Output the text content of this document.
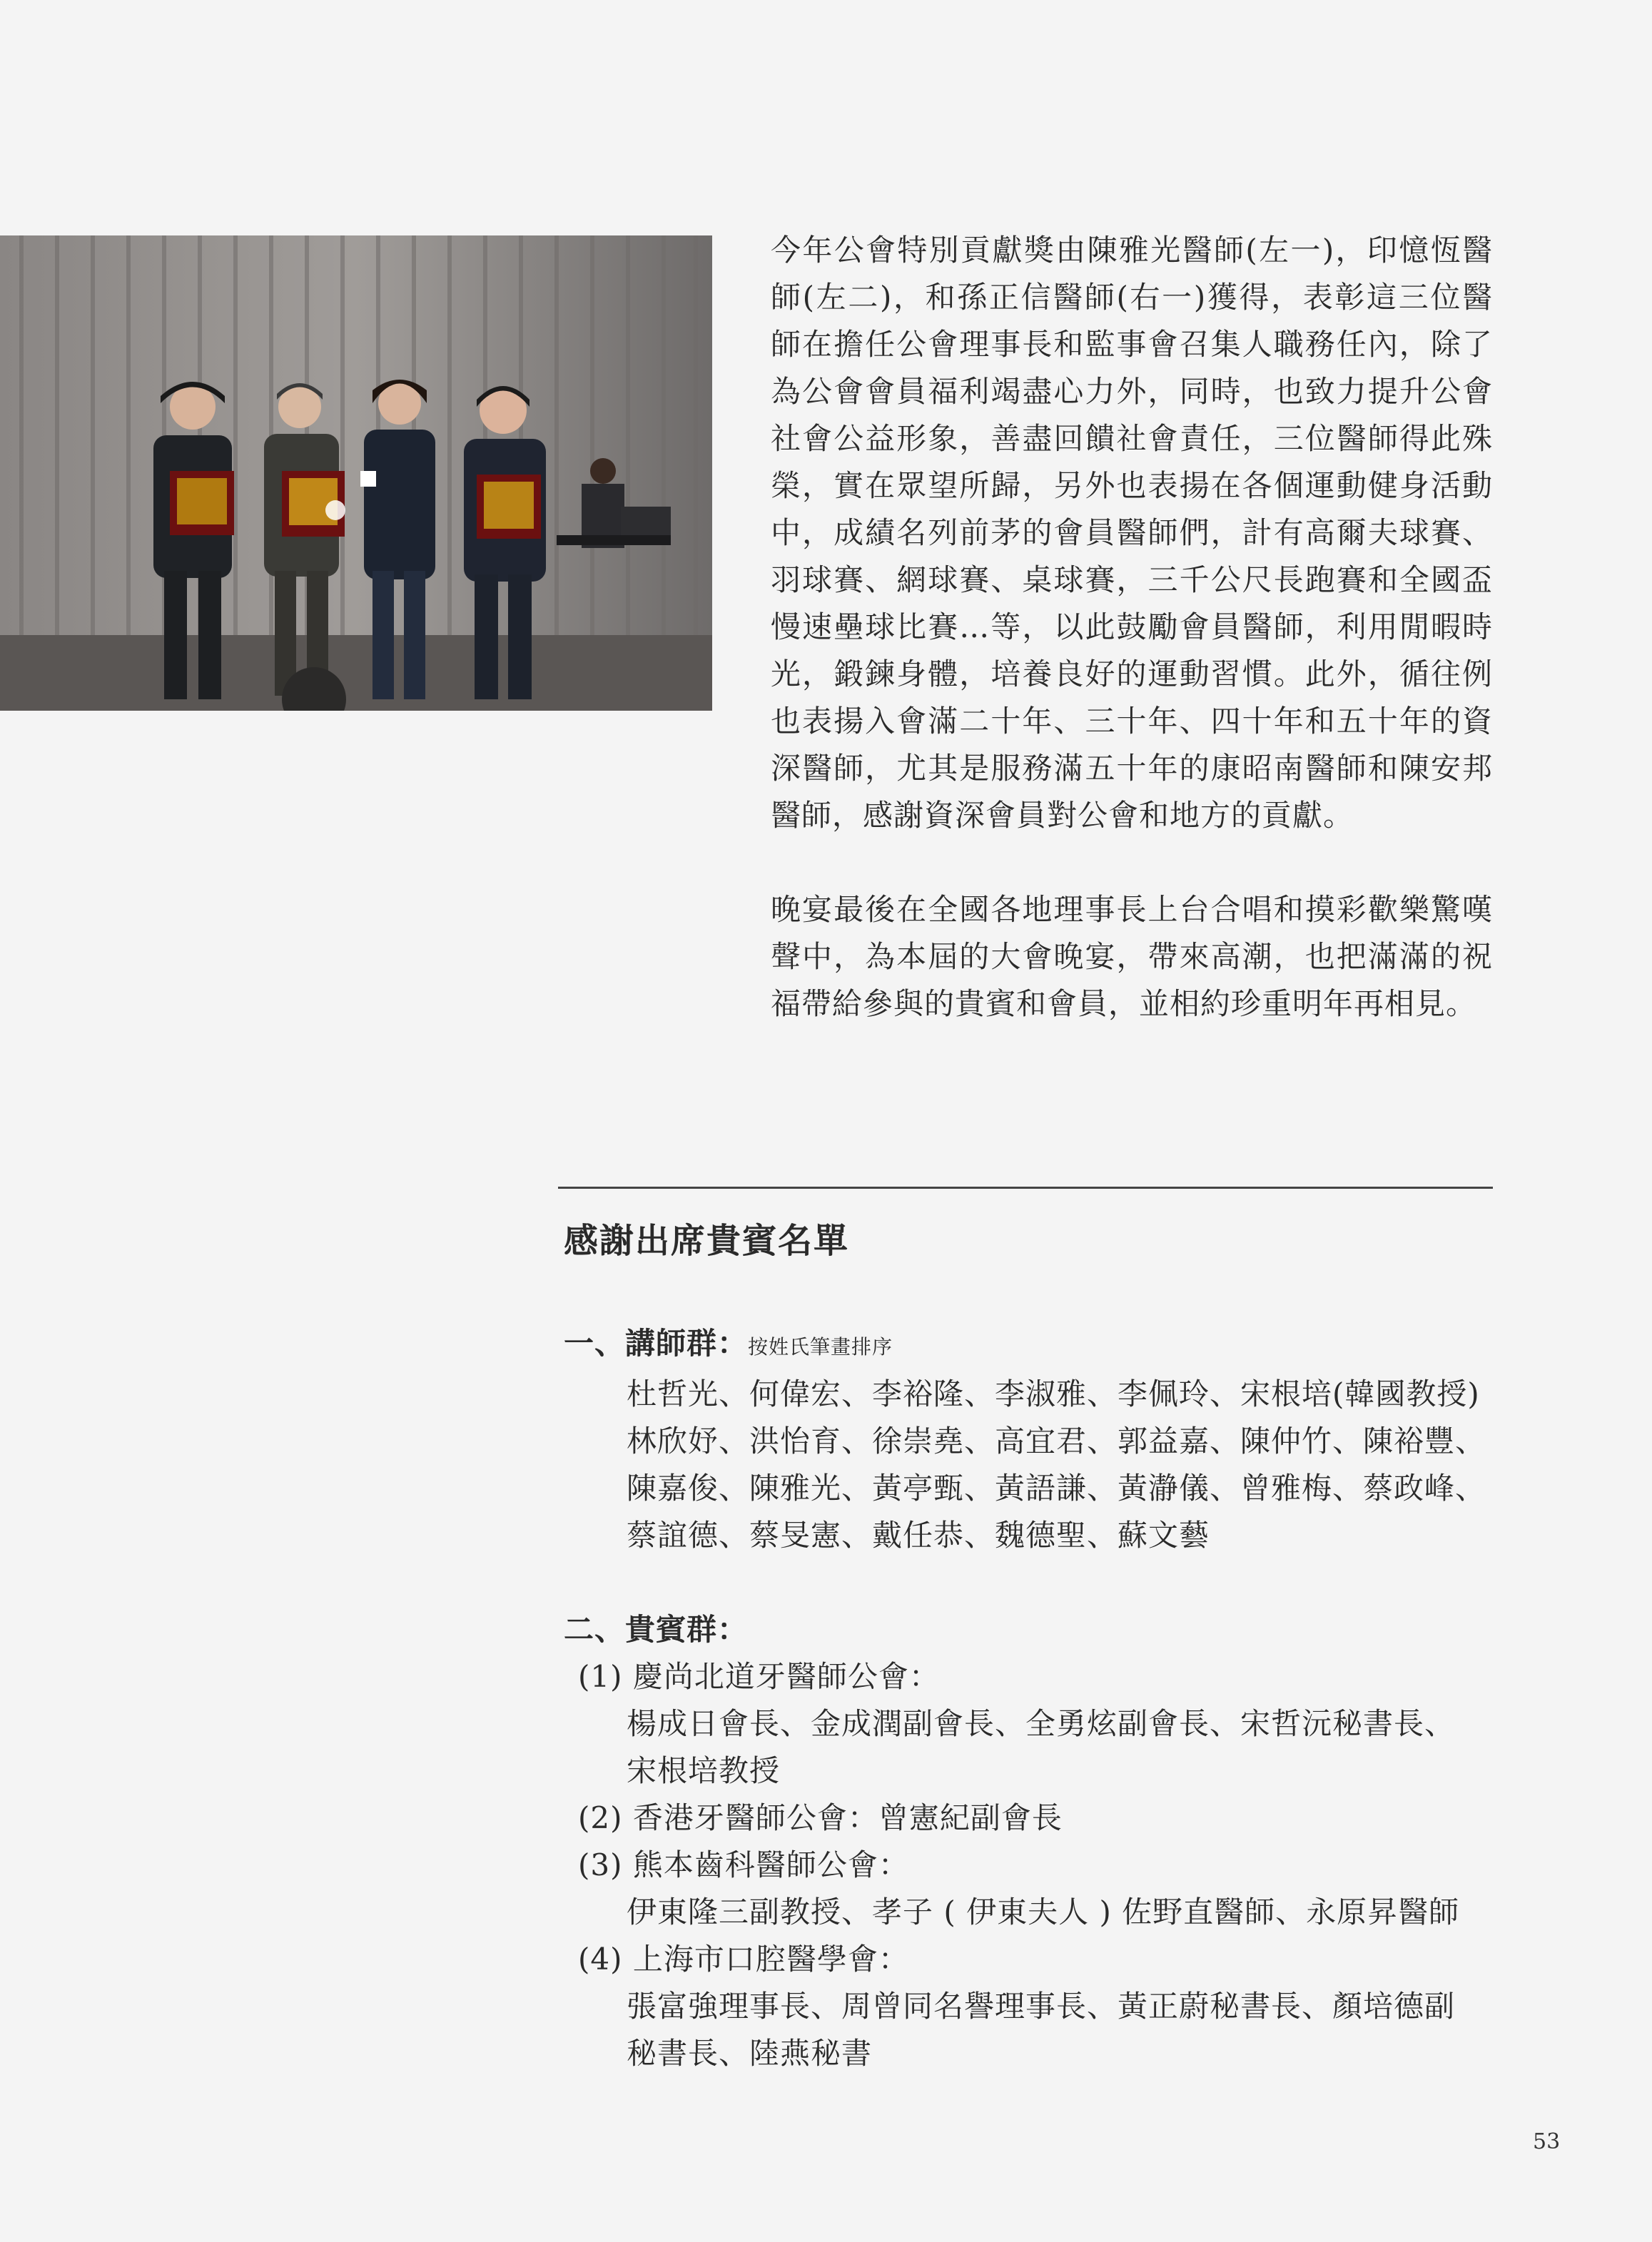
今年公會特別貢獻獎由陳雅光醫師(左一)，印憶恆醫師(左二)，和孫正信醫師(右一)獲得，表彰這三位醫師在擔任公會理事長和監事會召集人職務任內，除了為公會會員福利竭盡心力外，同時，也致力提升公會社會公益形象，善盡回饋社會責任，三位醫師得此殊榮，實在眾望所歸，另外也表揚在各個運動健身活動中，成績名列前茅的會員醫師們，計有高爾夫球賽、羽球賽、網球賽、桌球賽，三千公尺長跑賽和全國盃慢速壘球比賽…等，以此鼓勵會員醫師，利用閒暇時光，鍛鍊身體，培養良好的運動習慣。此外，循往例也表揚入會滿二十年、三十年、四十年和五十年的資深醫師，尤其是服務滿五十年的康昭南醫師和陳安邦醫師，感謝資深會員對公會和地方的貢獻。

晚宴最後在全國各地理事長上台合唱和摸彩歡樂驚嘆聲中，為本屆的大會晚宴，帶來高潮，也把滿滿的祝福帶給參與的貴賓和會員，並相約珍重明年再相見。

感謝出席貴賓名單
一、講師群：按姓氏筆畫排序
杜哲光、何偉宏、李裕隆、李淑雅、李佩玲、宋根培(韓國教授)
林欣妤、洪怡育、徐崇堯、高宜君、郭益嘉、陳仲竹、陳裕豐、
陳嘉俊、陳雅光、黃亭甄、黃語謙、黃瀞儀、曾雅梅、蔡政峰、
蔡誼德、蔡旻憲、戴任恭、魏德聖、蘇文藝
二、貴賓群：
(1) 慶尚北道牙醫師公會：
楊成日會長、金成潤副會長、全勇炫副會長、宋哲沅秘書長、
宋根培教授
(2) 香港牙醫師公會：曾憲紀副會長
(3) 熊本齒科醫師公會：
伊東隆三副教授、孝子 ( 伊東夫人 ) 佐野直醫師、永原昇醫師
(4) 上海市口腔醫學會：
張富強理事長、周曾同名譽理事長、黃正蔚秘書長、顏培德副
秘書長、陸燕秘書
53
